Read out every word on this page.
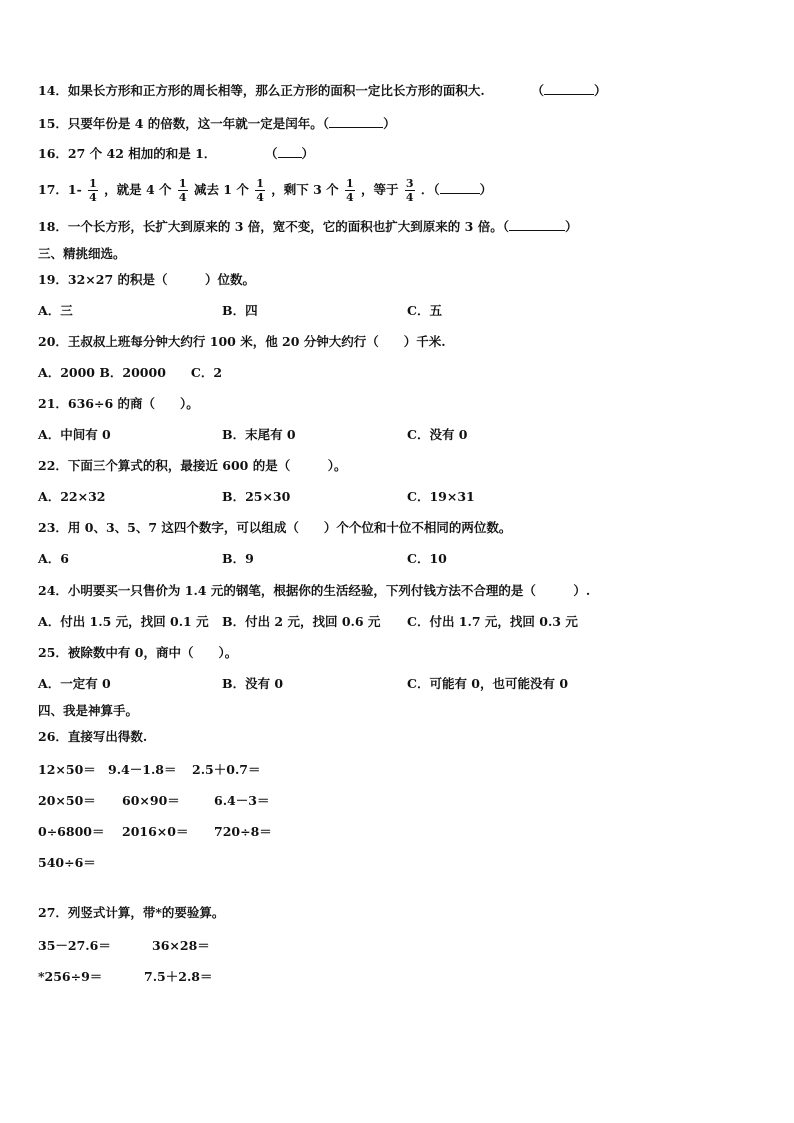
14．如果长方形和正方形的周长相等，那么正方形的面积一定比长方形的面积大.	（	）
15．只要年份是 4 的倍数，这一年就一定是闰年。（	）
16．27 个 42 相加的和是 1．	（ ）
17．$1- \frac{1}{4}$ ，就是 4 个 $\frac{1}{4}$ 减去 1 个 $\frac{1}{4}$ ，剩下 3 个 $\frac{1}{4}$ ，等于 $\frac{3}{4}$ ．（	）
18．一个长方形，长扩大到原来的 3 倍，宽不变，它的面积也扩大到原来的 3 倍。（	）
三、精挑细选。
19．32×27 的积是（　　　）位数。
A．三	B．四	C．五
20．王叔叔上班每分钟大约行 100 米，他 20 分钟大约行（　　）千米.
A．2000 B．20000　　C．2
21．636÷6 的商（　　）。
A．中间有 0	B．末尾有 0	C．没有 0
22．下面三个算式的积，最接近 600 的是（　　　）。
A．22×32	B．25×30	C．19×31
23．用 0、3、5、7 这四个数字，可以组成（　　）个个位和十位不相同的两位数。
A．6	B．9	C．10
24．小明要买一只售价为 1.4 元的钢笔，根据你的生活经验，下列付钱方法不合理的是（　　　）.
A．付出 1.5 元，找回 0.1 元 B．付出 2 元，找回 0.6 元 C．付出 1.7 元，找回 0.3 元
25．被除数中有 0，商中（　　）。
A．一定有 0	B．没有 0	C．可能有 0，也可能没有 0
四、我是神算手。
26．直接写出得数.
12×50＝ 9.4－1.8＝ 2.5＋0.7＝
20×50＝ 60×90＝	6.4－3＝
0÷6800＝ 2016×0＝ 720÷8＝
540÷6＝
27．列竖式计算，带*的要验算。
35－27.6＝	36×28＝
*256÷9＝	7.5＋2.8＝
